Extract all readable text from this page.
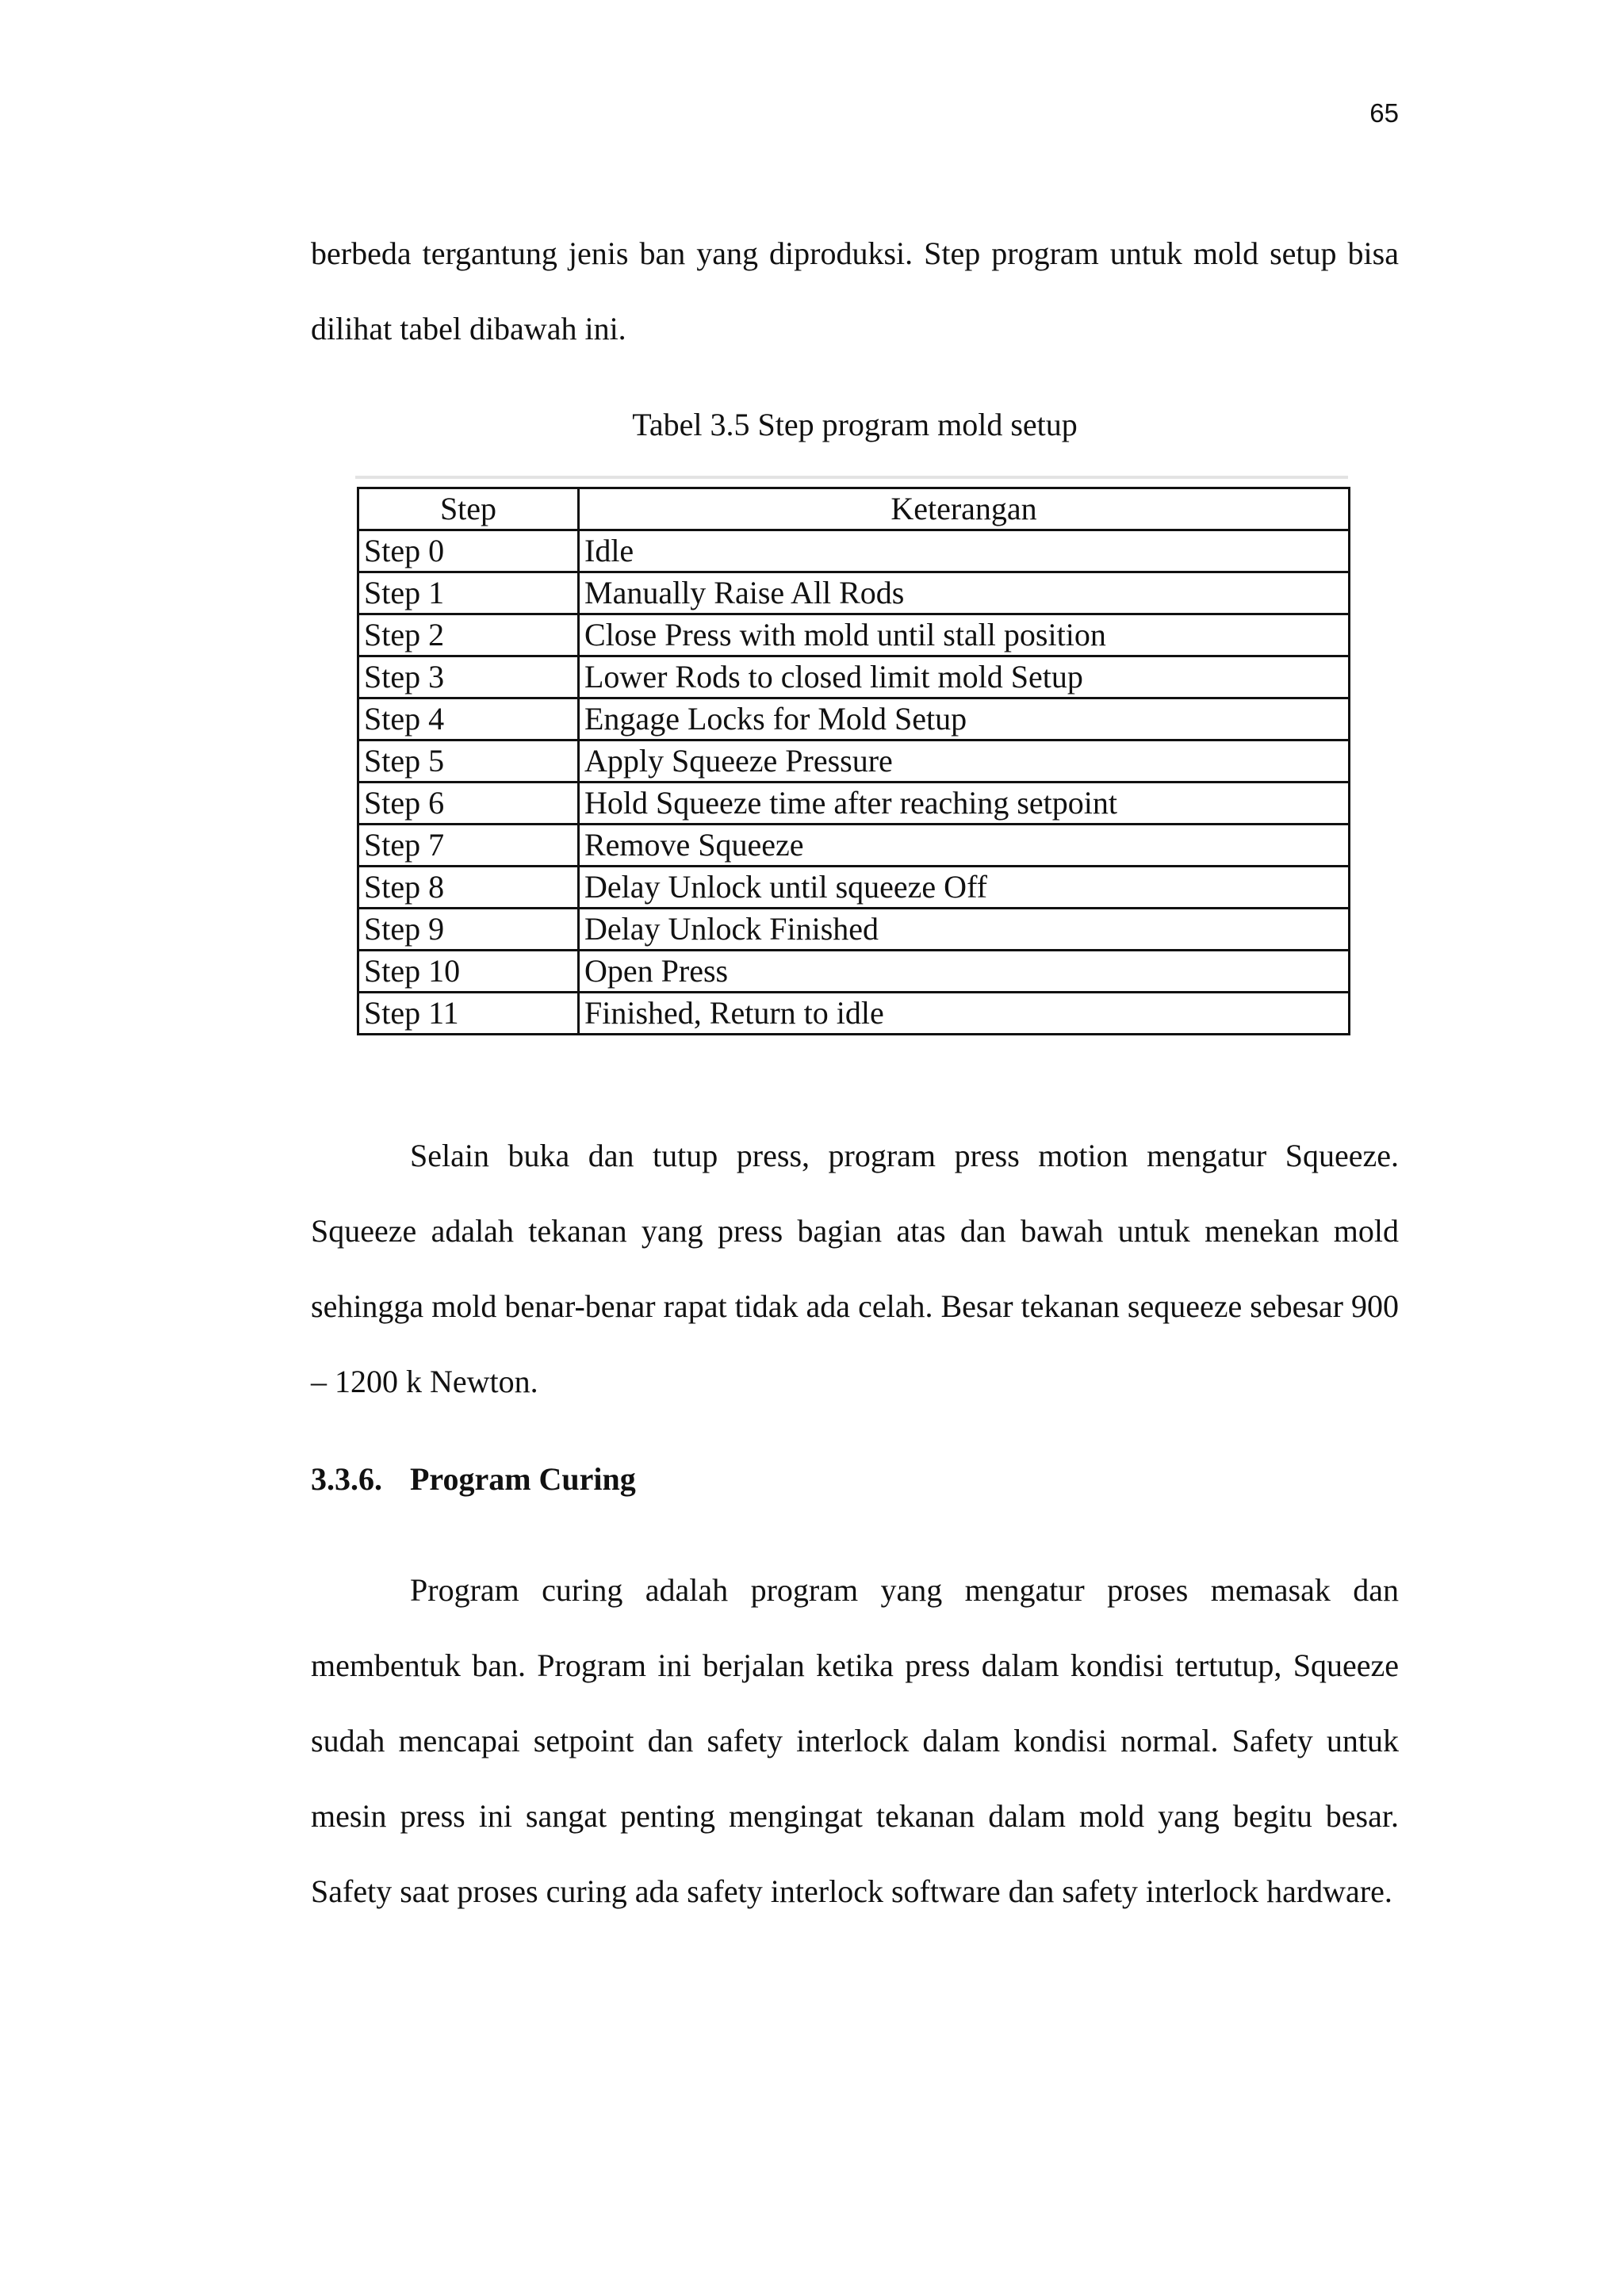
65

berbeda tergantung jenis ban yang diproduksi. Step program untuk mold setup bisa dilihat tabel dibawah ini.

Tabel 3.5 Step program mold setup

Step	Keterangan
Step 0	Idle
Step 1	Manually Raise All Rods
Step 2	Close Press with mold until stall position
Step 3	Lower Rods to closed limit mold Setup
Step 4	Engage Locks for Mold Setup
Step 5	Apply Squeeze Pressure
Step 6	Hold Squeeze time after reaching setpoint
Step 7	Remove Squeeze
Step 8	Delay Unlock until squeeze Off
Step 9	Delay Unlock Finished
Step 10	Open Press
Step 11	Finished, Return to idle

Selain buka dan tutup press, program press motion mengatur Squeeze. Squeeze adalah tekanan yang press bagian atas dan bawah untuk menekan mold sehingga mold benar-benar rapat tidak ada celah. Besar tekanan sequeeze sebesar 900 – 1200 k Newton.

3.3.6. Program Curing

Program curing adalah program yang mengatur proses memasak dan membentuk ban. Program ini berjalan ketika press dalam kondisi tertutup, Squeeze sudah mencapai setpoint dan safety interlock dalam kondisi normal. Safety untuk mesin press ini sangat penting mengingat tekanan dalam mold yang begitu besar. Safety saat proses curing ada safety interlock software dan safety interlock hardware.
